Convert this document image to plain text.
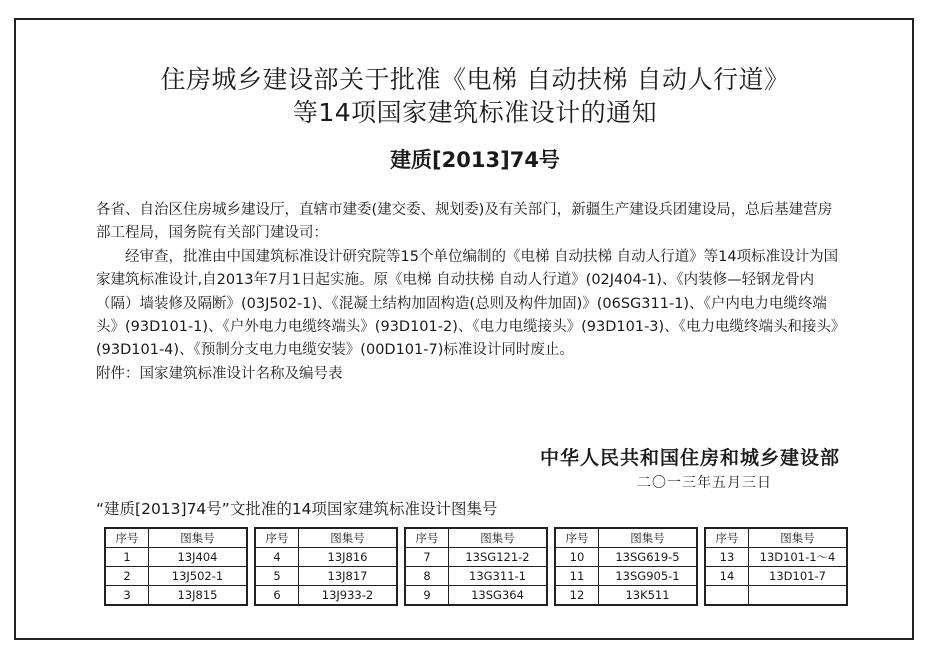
住房城乡建设部关于批准《电梯 自动扶梯 自动人行道》
等14项国家建筑标准设计的通知
建质[2013]74号

各省、自治区住房城乡建设厅，直辖市建委(建交委、规划委)及有关部门，新疆生产建设兵团建设局，总后基建营房部工程局，国务院有关部门建设司：

经审查，批准由中国建筑标准设计研究院等15个单位编制的《电梯 自动扶梯 自动人行道》等14项标准设计为国家建筑标准设计,自2013年7月1日起实施。原《电梯 自动扶梯 自动人行道》(02J404-1)、《内装修—轻钢龙骨内（隔）墙装修及隔断》(03J502-1)、《混凝土结构加固构造(总则及构件加固)》(06SG311-1)、《户内电力电缆终端头》(93D101-1)、《户外电力电缆终端头》(93D101-2)、《电力电缆接头》(93D101-3)、《电力电缆终端头和接头》(93D101-4)、《预制分支电力电缆安装》(00D101-7)标准设计同时废止。

附件：国家建筑标准设计名称及编号表

中华人民共和国住房和城乡建设部
二〇一三年五月三日
“建质[2013]74号”文批准的14项国家建筑标准设计图集号
序号	图集号
1	13J404
2	13J502-1
3	13J815
序号	图集号
4	13J816
5	13J817
6	13J933-2
序号	图集号
7	13SG121-2
8	13G311-1
9	13SG364
序号	图集号
10	13SG619-5
11	13SG905-1
12	13K511
序号	图集号
13	13D101-1～4
14	13D101-7
